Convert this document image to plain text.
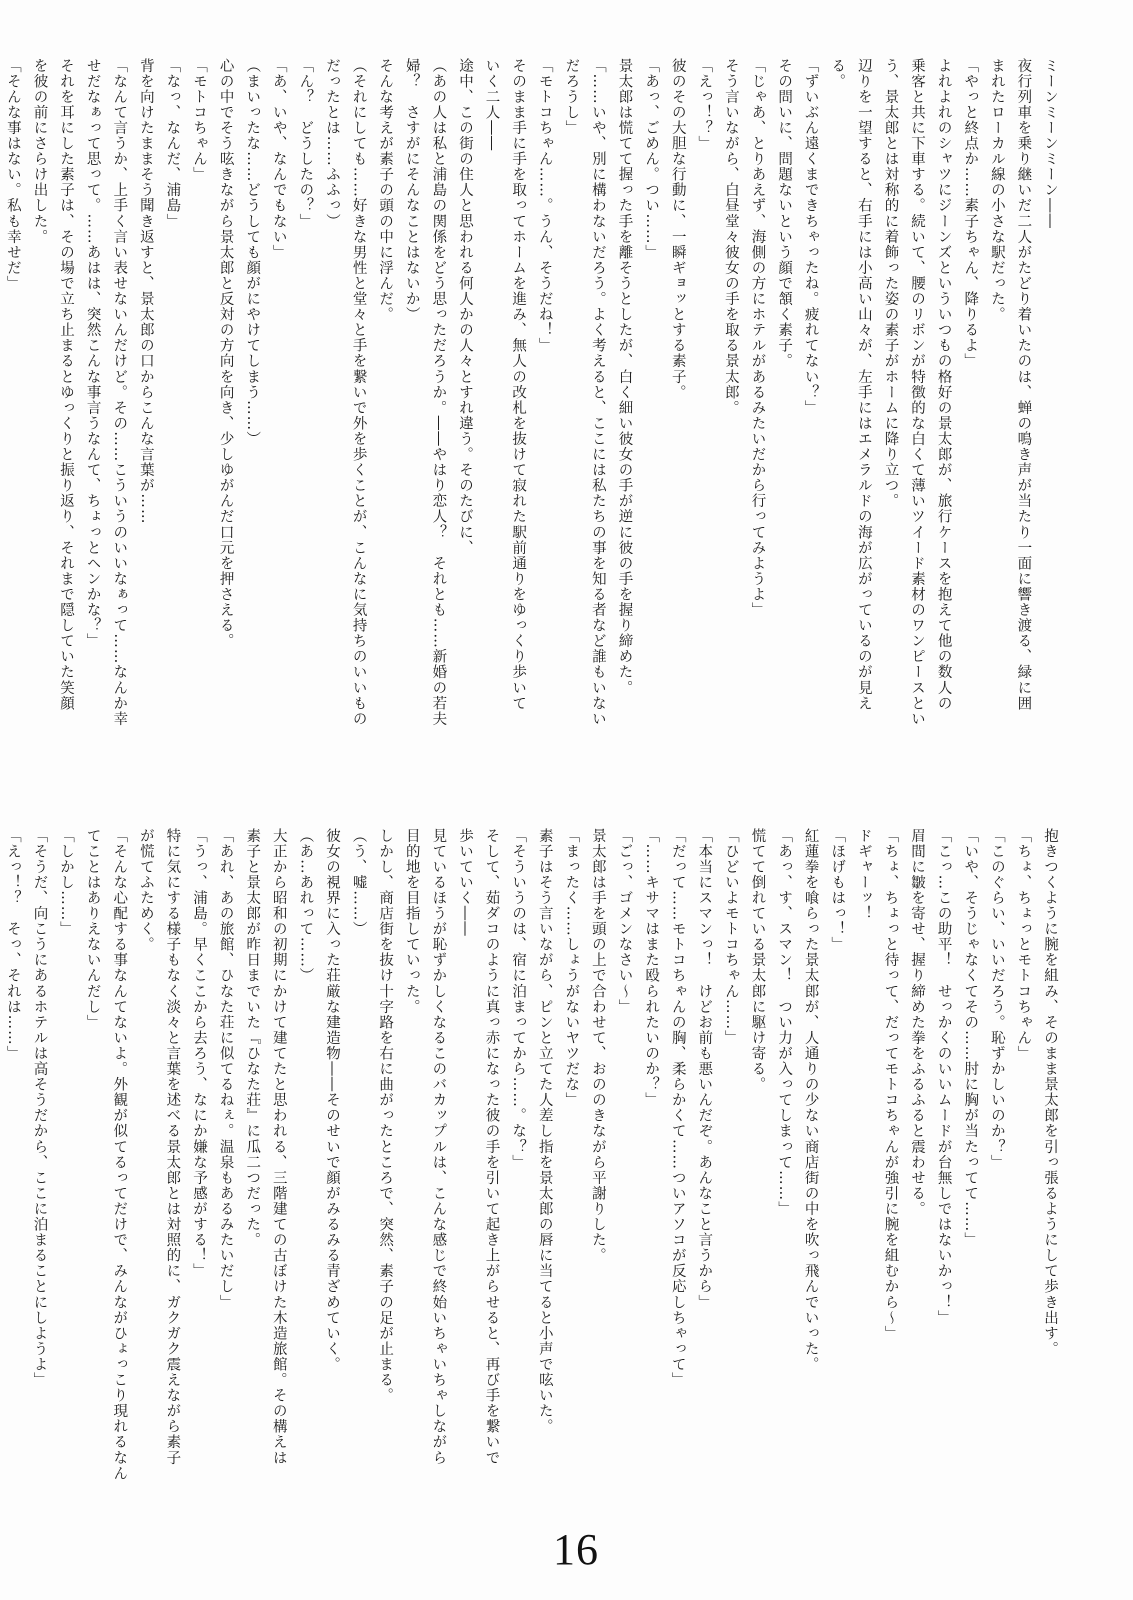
ミーンミーンミーン――
夜行列車を乗り継いだ二人がたどり着いたのは、蝉の鳴き声が当たり一面に響き渡る、緑に囲
まれたローカル線の小さな駅だった。
「やっと終点か……素子ちゃん、降りるよ」
よれよれのシャツにジーンズといういつもの格好の景太郎が、旅行ケースを抱えて他の数人の
乗客と共に下車する。続いて、腰のリボンが特徴的な白くて薄いツイード素材のワンピースとい
う、景太郎とは対称的に着飾った姿の素子がホームに降り立つ。
辺りを一望すると、右手には小高い山々が、左手にはエメラルドの海が広がっているのが見え
る。
「ずいぶん遠くまできちゃったね。疲れてない？」
その問いに、問題ないという顔で頷く素子。
「じゃあ、とりあえず、海側の方にホテルがあるみたいだから行ってみようよ」
そう言いながら、白昼堂々彼女の手を取る景太郎。
「えっ！？」
彼のその大胆な行動に、一瞬ギョッとする素子。
「あっ、ごめん。つい……」
景太郎は慌てて握った手を離そうとしたが、白く細い彼女の手が逆に彼の手を握り締めた。
「……いや、別に構わないだろう。よく考えると、ここには私たちの事を知る者など誰もいない
だろうし」
「モトコちゃん……。うん、そうだね！」
そのまま手に手を取ってホームを進み、無人の改札を抜けて寂れた駅前通りをゆっくり歩いて
いく二人――
途中、この街の住人と思われる何人かの人々とすれ違う。そのたびに、
（あの人は私と浦島の関係をどう思っただろうか。――やはり恋人？　それとも……新婚の若夫
婦？　さすがにそんなことはないか）
そんな考えが素子の頭の中に浮んだ。
（それにしても……好きな男性と堂々と手を繋いで外を歩くことが、こんなに気持ちのいいもの
だったとは……ふふっ）
「ん？　どうしたの？」
「あ、いや、なんでもない」
（まいったな……どうしても顔がにやけてしまう……）
心の中でそう呟きながら景太郎と反対の方向を向き、少しゆがんだ口元を押さえる。
「モトコちゃん」
「なっ、なんだ、浦島」
背を向けたままそう聞き返すと、景太郎の口からこんな言葉が……
「なんて言うか、上手く言い表せないんだけど。その……こういうのいいなぁって……なんか幸
せだなぁって思って。……あはは、突然こんな事言うなんて、ちょっとヘンかな？」
それを耳にした素子は、その場で立ち止まるとゆっくりと振り返り、それまで隠していた笑顔
を彼の前にさらけ出した。
「そんな事はない。私も幸せだ」
抱きつくように腕を組み、そのまま景太郎を引っ張るようにして歩き出す。
「ちょ、ちょっとモトコちゃん」
「このぐらい、いいだろう。恥ずかしいのか？」
「いや、そうじゃなくてその……肘に胸が当たってて……」
「こっ…この助平！　せっかくのいいムードが台無しではないかっ！」
眉間に皺を寄せ、握り締めた拳をふるふると震わせる。
「ちょ、ちょっと待って、だってモトコちゃんが強引に腕を組むから～」
ドギャーッ！
「ほげもはっ！」
紅蓮拳を喰らった景太郎が、人通りの少ない商店街の中を吹っ飛んでいった。
「あっ、す、スマン！　つい力が入ってしまって……」
慌てて倒れている景太郎に駆け寄る。
「ひどいよモトコちゃん……」
「本当にスマンっ！　けどお前も悪いんだぞ。あんなこと言うから」
「だって……モトコちゃんの胸、柔らかくて……ついアソコが反応しちゃって」
「……キサマはまた殴られたいのか？」
「ごっ、ゴメンなさい～」
景太郎は手を頭の上で合わせて、おののきながら平謝りした。
「まったく……しょうがないヤツだな」
素子はそう言いながら、ピンと立てた人差し指を景太郎の唇に当てると小声で呟いた。
「そういうのは、宿に泊まってから……。な？」
そして、茹ダコのように真っ赤になった彼の手を引いて起き上がらせると、再び手を繋いで
歩いていく――
見ているほうが恥ずかしくなるこのバカップルは、こんな感じで終始いちゃいちゃしながら
目的地を目指していった。
しかし、商店街を抜け十字路を右に曲がったところで、突然、素子の足が止まる。
（う、嘘……）
彼女の視界に入った荘厳な建造物――そのせいで顔がみるみる青ざめていく。
（あ…あれって……）
大正から昭和の初期にかけて建てたと思われる、三階建ての古ぼけた木造旅館。その構えは
素子と景太郎が昨日までいた『ひなた荘』に瓜二つだった。
「あれ、あの旅館、ひなた荘に似てるねぇ。温泉もあるみたいだし」
「うっ、浦島。早くここから去ろう、なにか嫌な予感がする！」
特に気にする様子もなく淡々と言葉を述べる景太郎とは対照的に、ガクガク震えながら素子
が慌てふためく。
「そんな心配する事なんてないよ。外観が似てるってだけで、みんながひょっこり現れるなん
てことはありえないんだし」
「しかし……」
「そうだ、向こうにあるホテルは高そうだから、ここに泊まることにしようよ」
「えっ！？　そっ、それは……」
16
